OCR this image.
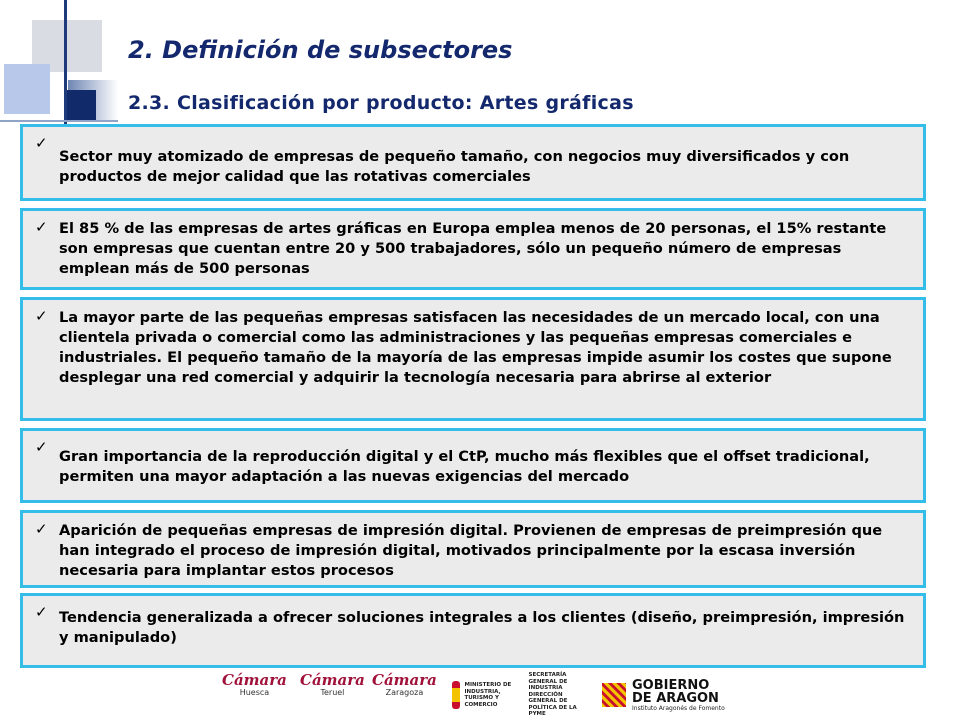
2. Definición de subsectores
2.3. Clasificación por producto: Artes gráficas
✓

Sector muy atomizado de empresas de pequeño tamaño, con negocios muy diversificados y con productos de mejor calidad que las rotativas comerciales

✓ El 85 % de las empresas de artes gráficas en Europa emplea menos de 20 personas, el 15% restante son empresas que cuentan entre 20 y 500 trabajadores, sólo un pequeño número de empresas emplean más de 500 personas

✓ La mayor parte de las pequeñas empresas satisfacen las necesidades de un mercado local, con una clientela privada o comercial como las administraciones y las pequeñas empresas comerciales e industriales. El pequeño tamaño de la mayoría de las empresas impide asumir los costes que supone desplegar una red comercial y adquirir la tecnología necesaria para abrirse al exterior

✓

Gran importancia de la reproducción digital y el CtP, mucho más flexibles que el offset tradicional, permiten una mayor adaptación a las nuevas exigencias del mercado

✓ Aparición de pequeñas empresas de impresión digital. Provienen de empresas de preimpresión que han integrado el proceso de impresión digital, motivados principalmente por la escasa inversión necesaria para implantar estos procesos

✓ Tendencia generalizada a ofrecer soluciones integrales a los clientes (diseño, preimpresión, impresión y manipulado)

Cámara
Huesca
Cámara
Teruel
Cámara
Zaragoza
MINISTERIO DE INDUSTRIA, TURISMO Y COMERCIO
SECRETARÍA GENERAL DE INDUSTRIA
DIRECCIÓN GENERAL DE POLÍTICA DE LA PYME
GOBIERNO
DE ARAGON
Instituto Aragonés de Fomento
